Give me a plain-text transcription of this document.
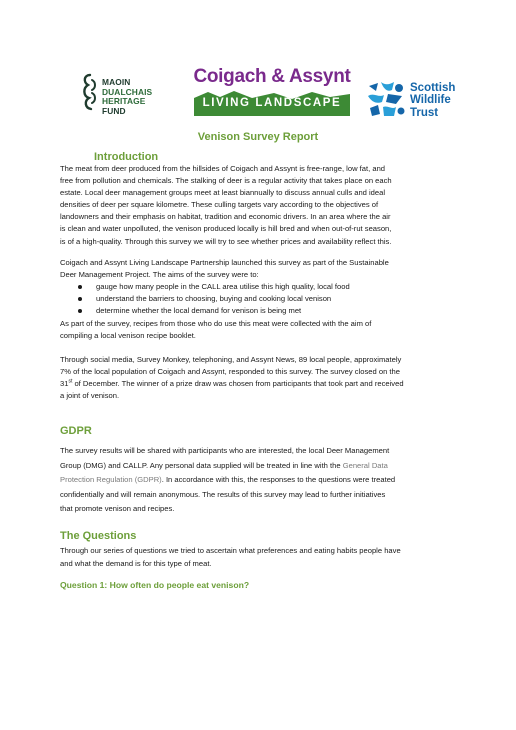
MAOIN
DUALCHAIS
HERITAGE
FUND
Coigach & Assynt
LIVING LANDSCAPE
Scottish
Wildlife
Trust
Venison Survey Report
Introduction
The meat from deer produced from the hillsides of Coigach and Assynt is free-range, low fat, and
free from pollution and chemicals. The stalking of deer is a regular activity that takes place on each
estate. Local deer management groups meet at least biannually to discuss annual culls and ideal
densities of deer per square kilometre. These culling targets vary according to the objectives of
landowners and their emphasis on habitat, tradition and economic drivers. In an area where the air
is clean and water unpolluted, the venison produced locally is hill bred and when out-of-rut season,
is of a high-quality. Through this survey we will try to see whether prices and availability reflect this.
Coigach and Assynt Living Landscape Partnership launched this survey as part of the Sustainable
Deer Management Project. The aims of the survey were to:
gauge how many people in the CALL area utilise this high quality, local food
understand the barriers to choosing, buying and cooking local venison
determine whether the local demand for venison is being met
As part of the survey, recipes from those who do use this meat were collected with the aim of
compiling a local venison recipe booklet.
Through social media, Survey Monkey, telephoning, and Assynt News, 89 local people, approximately
7% of the local population of Coigach and Assynt, responded to this survey. The survey closed on the
31st of December. The winner of a prize draw was chosen from participants that took part and received
a joint of venison.
GDPR
The survey results will be shared with participants who are interested, the local Deer Management
Group (DMG) and CALLP. Any personal data supplied will be treated in line with the General Data
Protection Regulation (GDPR). In accordance with this, the responses to the questions were treated
confidentially and will remain anonymous. The results of this survey may lead to further initiatives
that promote venison and recipes.
The Questions
Through our series of questions we tried to ascertain what preferences and eating habits people have
and what the demand is for this type of meat.
Question 1: How often do people eat venison?
